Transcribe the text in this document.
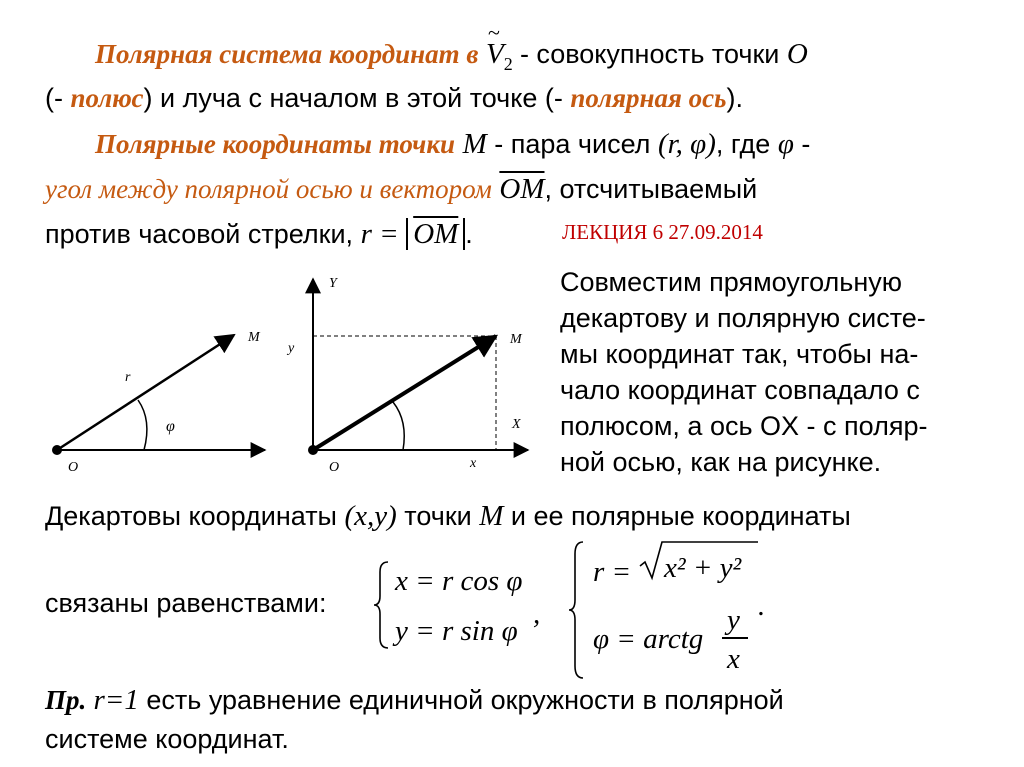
Полярная система координат в
~
$V_2$ - совокупность точки O
(- полюс) и луча с началом в этой точке (- полярная ось).
Полярные координаты точки M - пара чисел (r, φ), где φ -
угол между полярной осью и вектором $\overline{OM}$, отсчитываемый
против часовой стрелки, $r = \overline{OM}$ .	ЛЕКЦИЯ 6 27.09.2014
Совместим прямоугольную
декартову и полярную систе-
мы координат так, чтобы на-
чало координат совпадало с
полюсом, а ось OX - с поляр-
ной осью, как на рисунке.
M
r
φ
O
Y
y
M
X
O	x
Декартовы координаты (x,y) точки M и ее полярные координаты
связаны равенствами:
x = r cos φ
y = r sin φ
,
r = x² + y²
φ = arctg
y
x
.
Пр. r=1 есть уравнение единичной окружности в полярной
системе координат.
